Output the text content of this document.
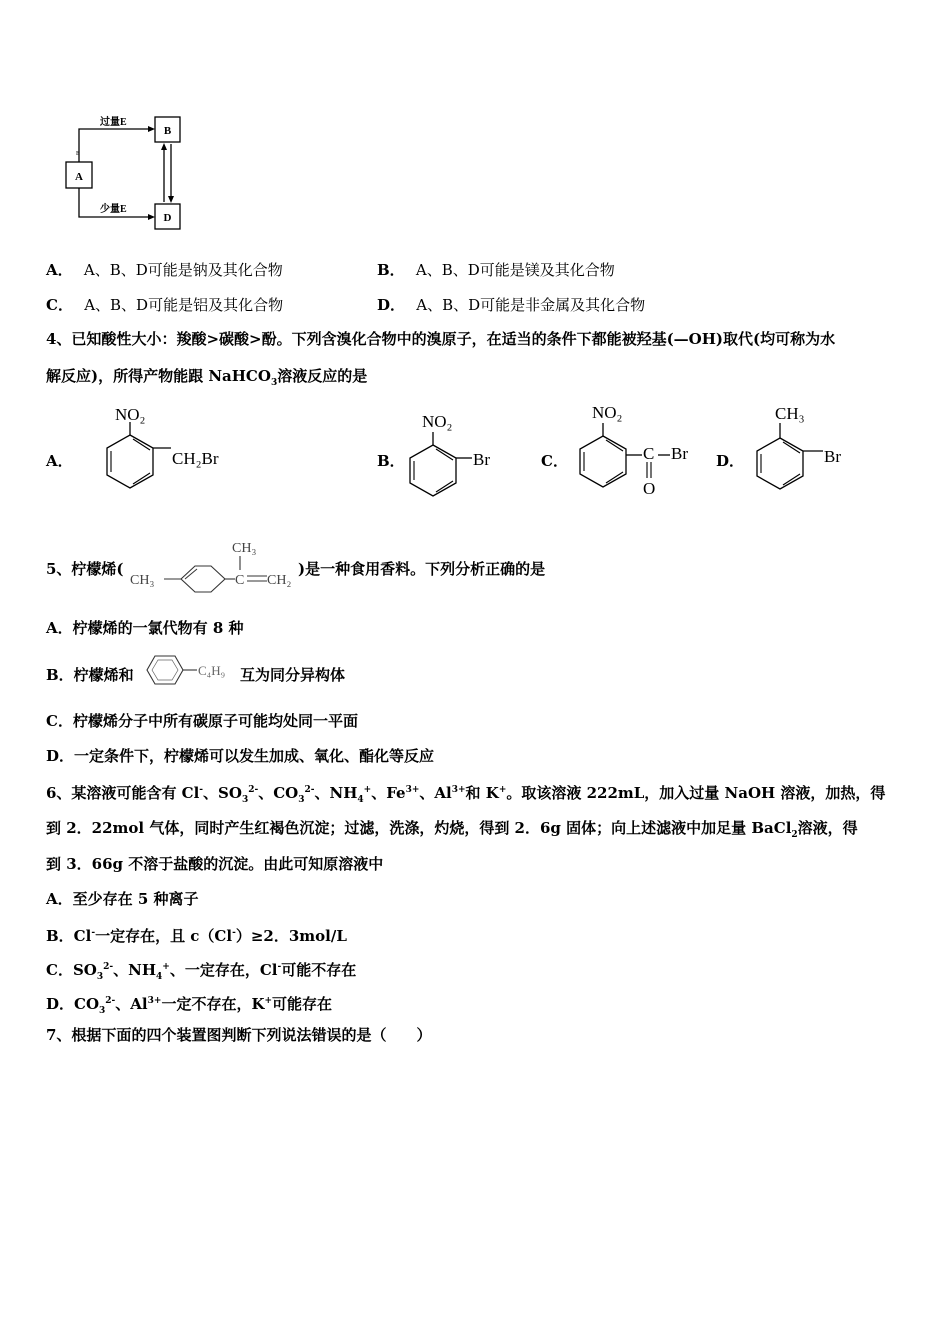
A
B
D
过量E
少量E
E
A． A、B、D可能是钠及其化合物	B． A、B、D可能是镁及其化合物
C． A、B、D可能是铝及其化合物	D． A、B、D可能是非金属及其化合物
4、已知酸性大小：羧酸>碳酸>酚。下列含溴化合物中的溴原子，在适当的条件下都能被羟基(—OH)取代(均可称为水
解反应)，所得产物能跟 NaHCO$_3$溶液反应的是
A．
NO₂
CH₂Br	B．
NO₂
Br	C．
NO₂
C Br
O
D．
CH₃
Br
5、柠檬烯(
CH₃	C
CH₃
CH₂
)是一种食用香料。下列分析正确的是
A．柠檬烯的一氯代物有 8 种
B．柠檬烯和	C₄H₉ 互为同分异构体
C．柠檬烯分子中所有碳原子可能均处同一平面
D．一定条件下，柠檬烯可以发生加成、氧化、酯化等反应
6、某溶液可能含有 Cl-、$SO_3^{2-}$、$CO_3^{2-}$、$NH_4^+$、$Fe^{3+}$、$Al^{3+}$和 K+。取该溶液 222mL，加入过量 NaOH 溶液，加热，得
到 2．22mol 气体，同时产生红褐色沉淀；过滤，洗涤，灼烧，得到 2．6g 固体；向上述滤液中加足量 BaCl$_2$溶液，得
到 3．66g 不溶于盐酸的沉淀。由此可知原溶液中
A．至少存在 5 种离子
B．Cl-一定存在，且 c（Cl-）≥2．3mol/L
C．$SO_3^{2-}$、$NH_4^+$、一定存在，Cl-可能不存在
D．$CO_3^{2-}$、$Al^{3+}$一定不存在，K+可能存在
7、根据下面的四个装置图判断下列说法错误的是（　　）
